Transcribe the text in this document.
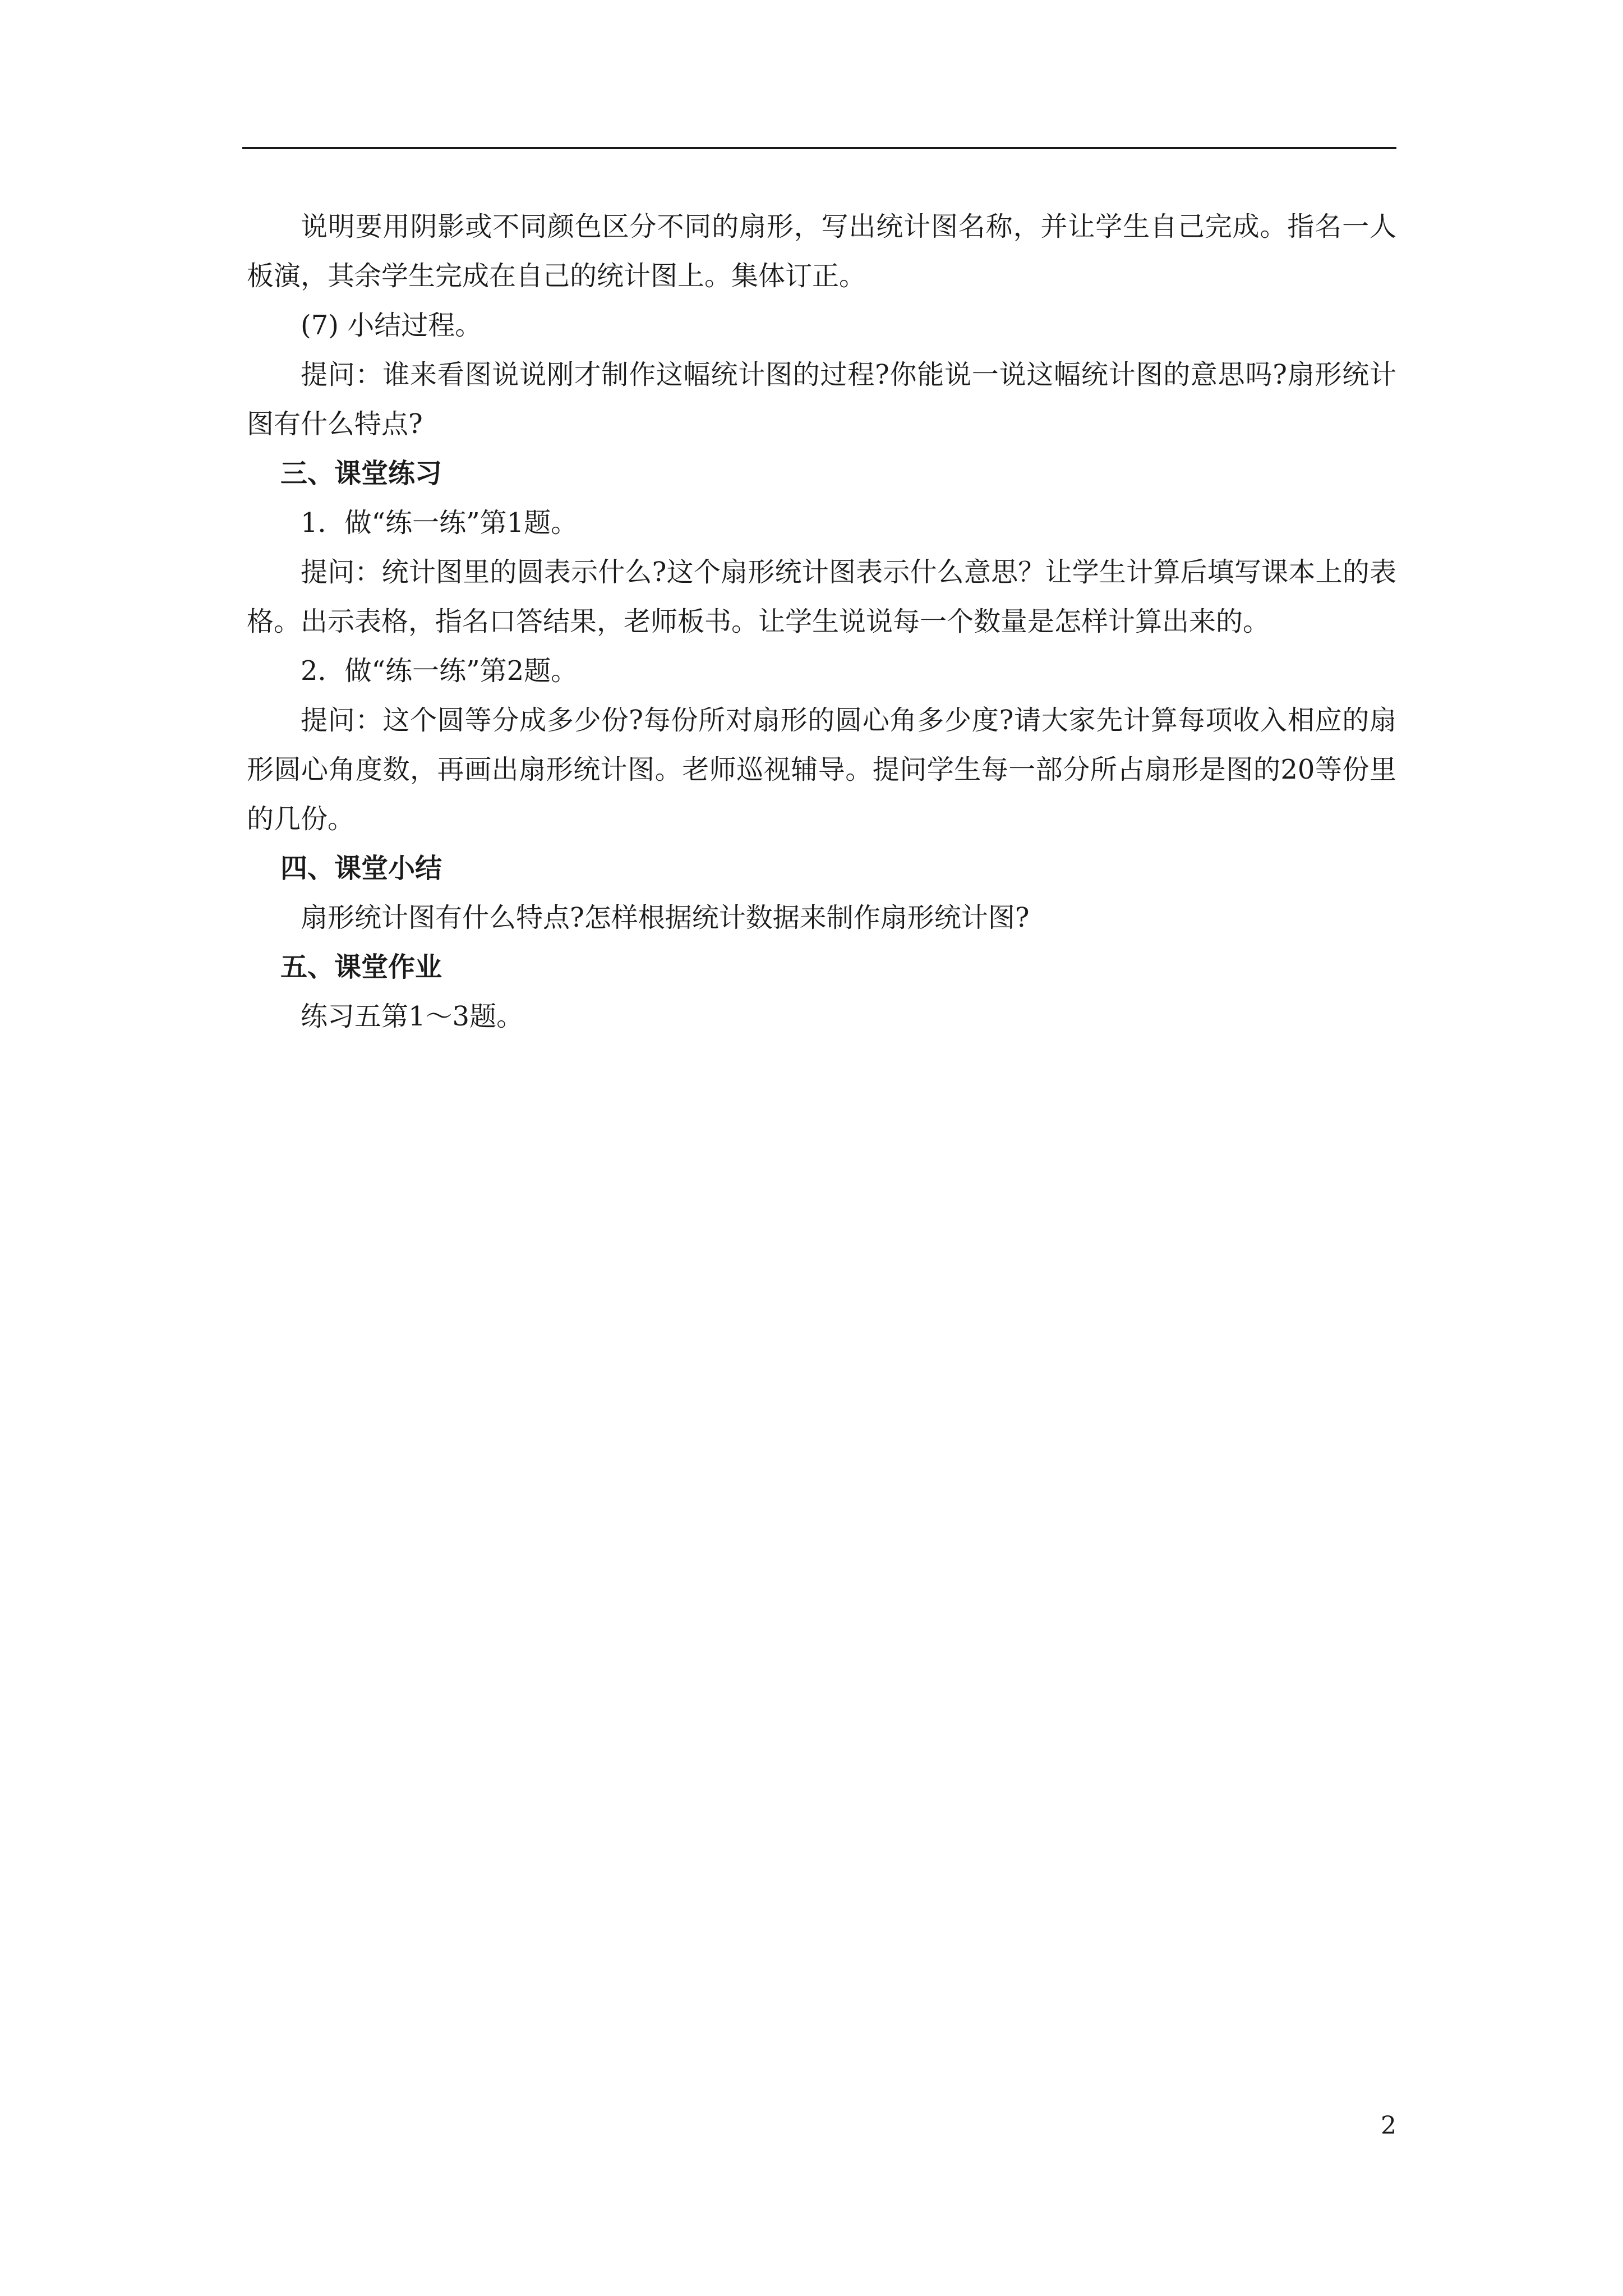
说明要用阴影或不同颜色区分不同的扇形，写出统计图名称，并让学生自己完成。指名一人板演，其余学生完成在自己的统计图上。集体订正。

(7) 小结过程。

提问：谁来看图说说刚才制作这幅统计图的过程?你能说一说这幅统计图的意思吗?扇形统计图有什么特点?

三、课堂练习

1．做“练一练”第1题。

提问：统计图里的圆表示什么?这个扇形统计图表示什么意思？让学生计算后填写课本上的表格。出示表格，指名口答结果，老师板书。让学生说说每一个数量是怎样计算出来的。

2．做“练一练”第2题。

提问：这个圆等分成多少份?每份所对扇形的圆心角多少度?请大家先计算每项收入相应的扇形圆心角度数，再画出扇形统计图。老师巡视辅导。提问学生每一部分所占扇形是图的20等份里的几份。

四、课堂小结

扇形统计图有什么特点?怎样根据统计数据来制作扇形统计图?

五、课堂作业

练习五第1～3题。

2
